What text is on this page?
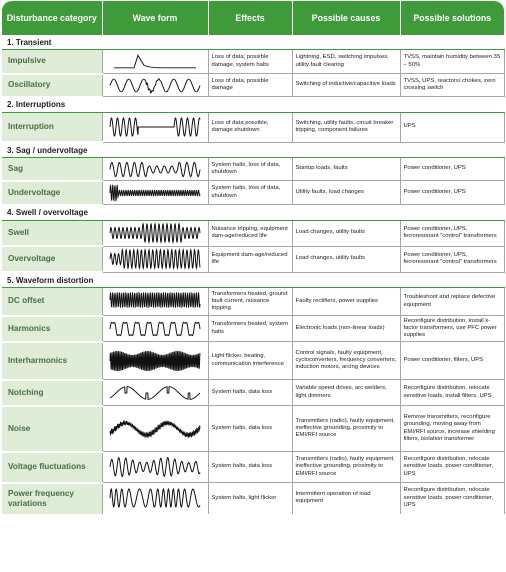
Disturbance category	Wave form	Effects	Possible causes	Possible solutions
1. Transient				
Impulsive		Loss of data, possible damage, system halts	Lightning, ESD, switching impulses, utility fault clearing	TVSS, maintain humidity between 35 – 50%
Oscillatory		Loss of data, possible damage	Switching of inductive/capacitive loads	TVSS, UPS, reactors/ chokes, zero crossing switch
2. Interruptions				
Interruption		Loss of data possible, damage shutdown	Switching, utility faults, circuit breaker tripping, component failures	UPS
3. Sag / undervoltage				
Sag		System halts, loss of data, shutdown	Startup loads, faults	Power conditioner, UPS
Undervoltage		System halts, loss of data, shutdown	Utility faults, load changes	Power conditioner, UPS
4. Swell / overvoltage				
Swell		Nuisance tripping, equipment dam-age/reduced life	Load changes, utility faults	Power conditioner, UPS, ferroresonant "control" transformers
Overvoltage		Equipment dam-age/reduced life	Load changes, utility faults	Power conditioner, UPS, ferroresonant "control" transformers
5. Waveform distortion				
DC offset		Transformers heated, ground fault current, nuisance tripping	Faulty rectifiers, power supplies	Troubleshoot and replace defective equipment
Harmonics		Transformers heated, system halts	Electronic loads (non-linear loads)	Reconfigure distribution, install k-factor transformers, use PFC power supplies
Interharmonics		Light flicker, heating, communication interference	Control signals, faulty equipment, cycloconverters, frequency converters, induction motors, arcing devices	Power conditioner, filters, UPS
Notching		System halts, data loss	Variable speed drives, arc welders, light dimmers	Reconfigure distribution, relocate sensitive loads, install filters, UPS
Noise		System halts, data loss	Transmitters (radio), faulty equipment, ineffective grounding, proximity to EMI/RFI source	Remove transmitters, reconfigure grounding, moving away from EMI/RFI source, increase shielding filters, isolation transformer
Voltage fluctuations		System halts, data loss	Transmitters (radio), faulty equipment, ineffective grounding, proximity to EMI/RFI source	Reconfigure distribution, relocate sensitive loads, power conditioner, UPS
Power frequency variations		System halts, light flicker	Intermittent operation of load equipment	Reconfigure distribution, relocate sensitive loads, power conditioner, UPS
